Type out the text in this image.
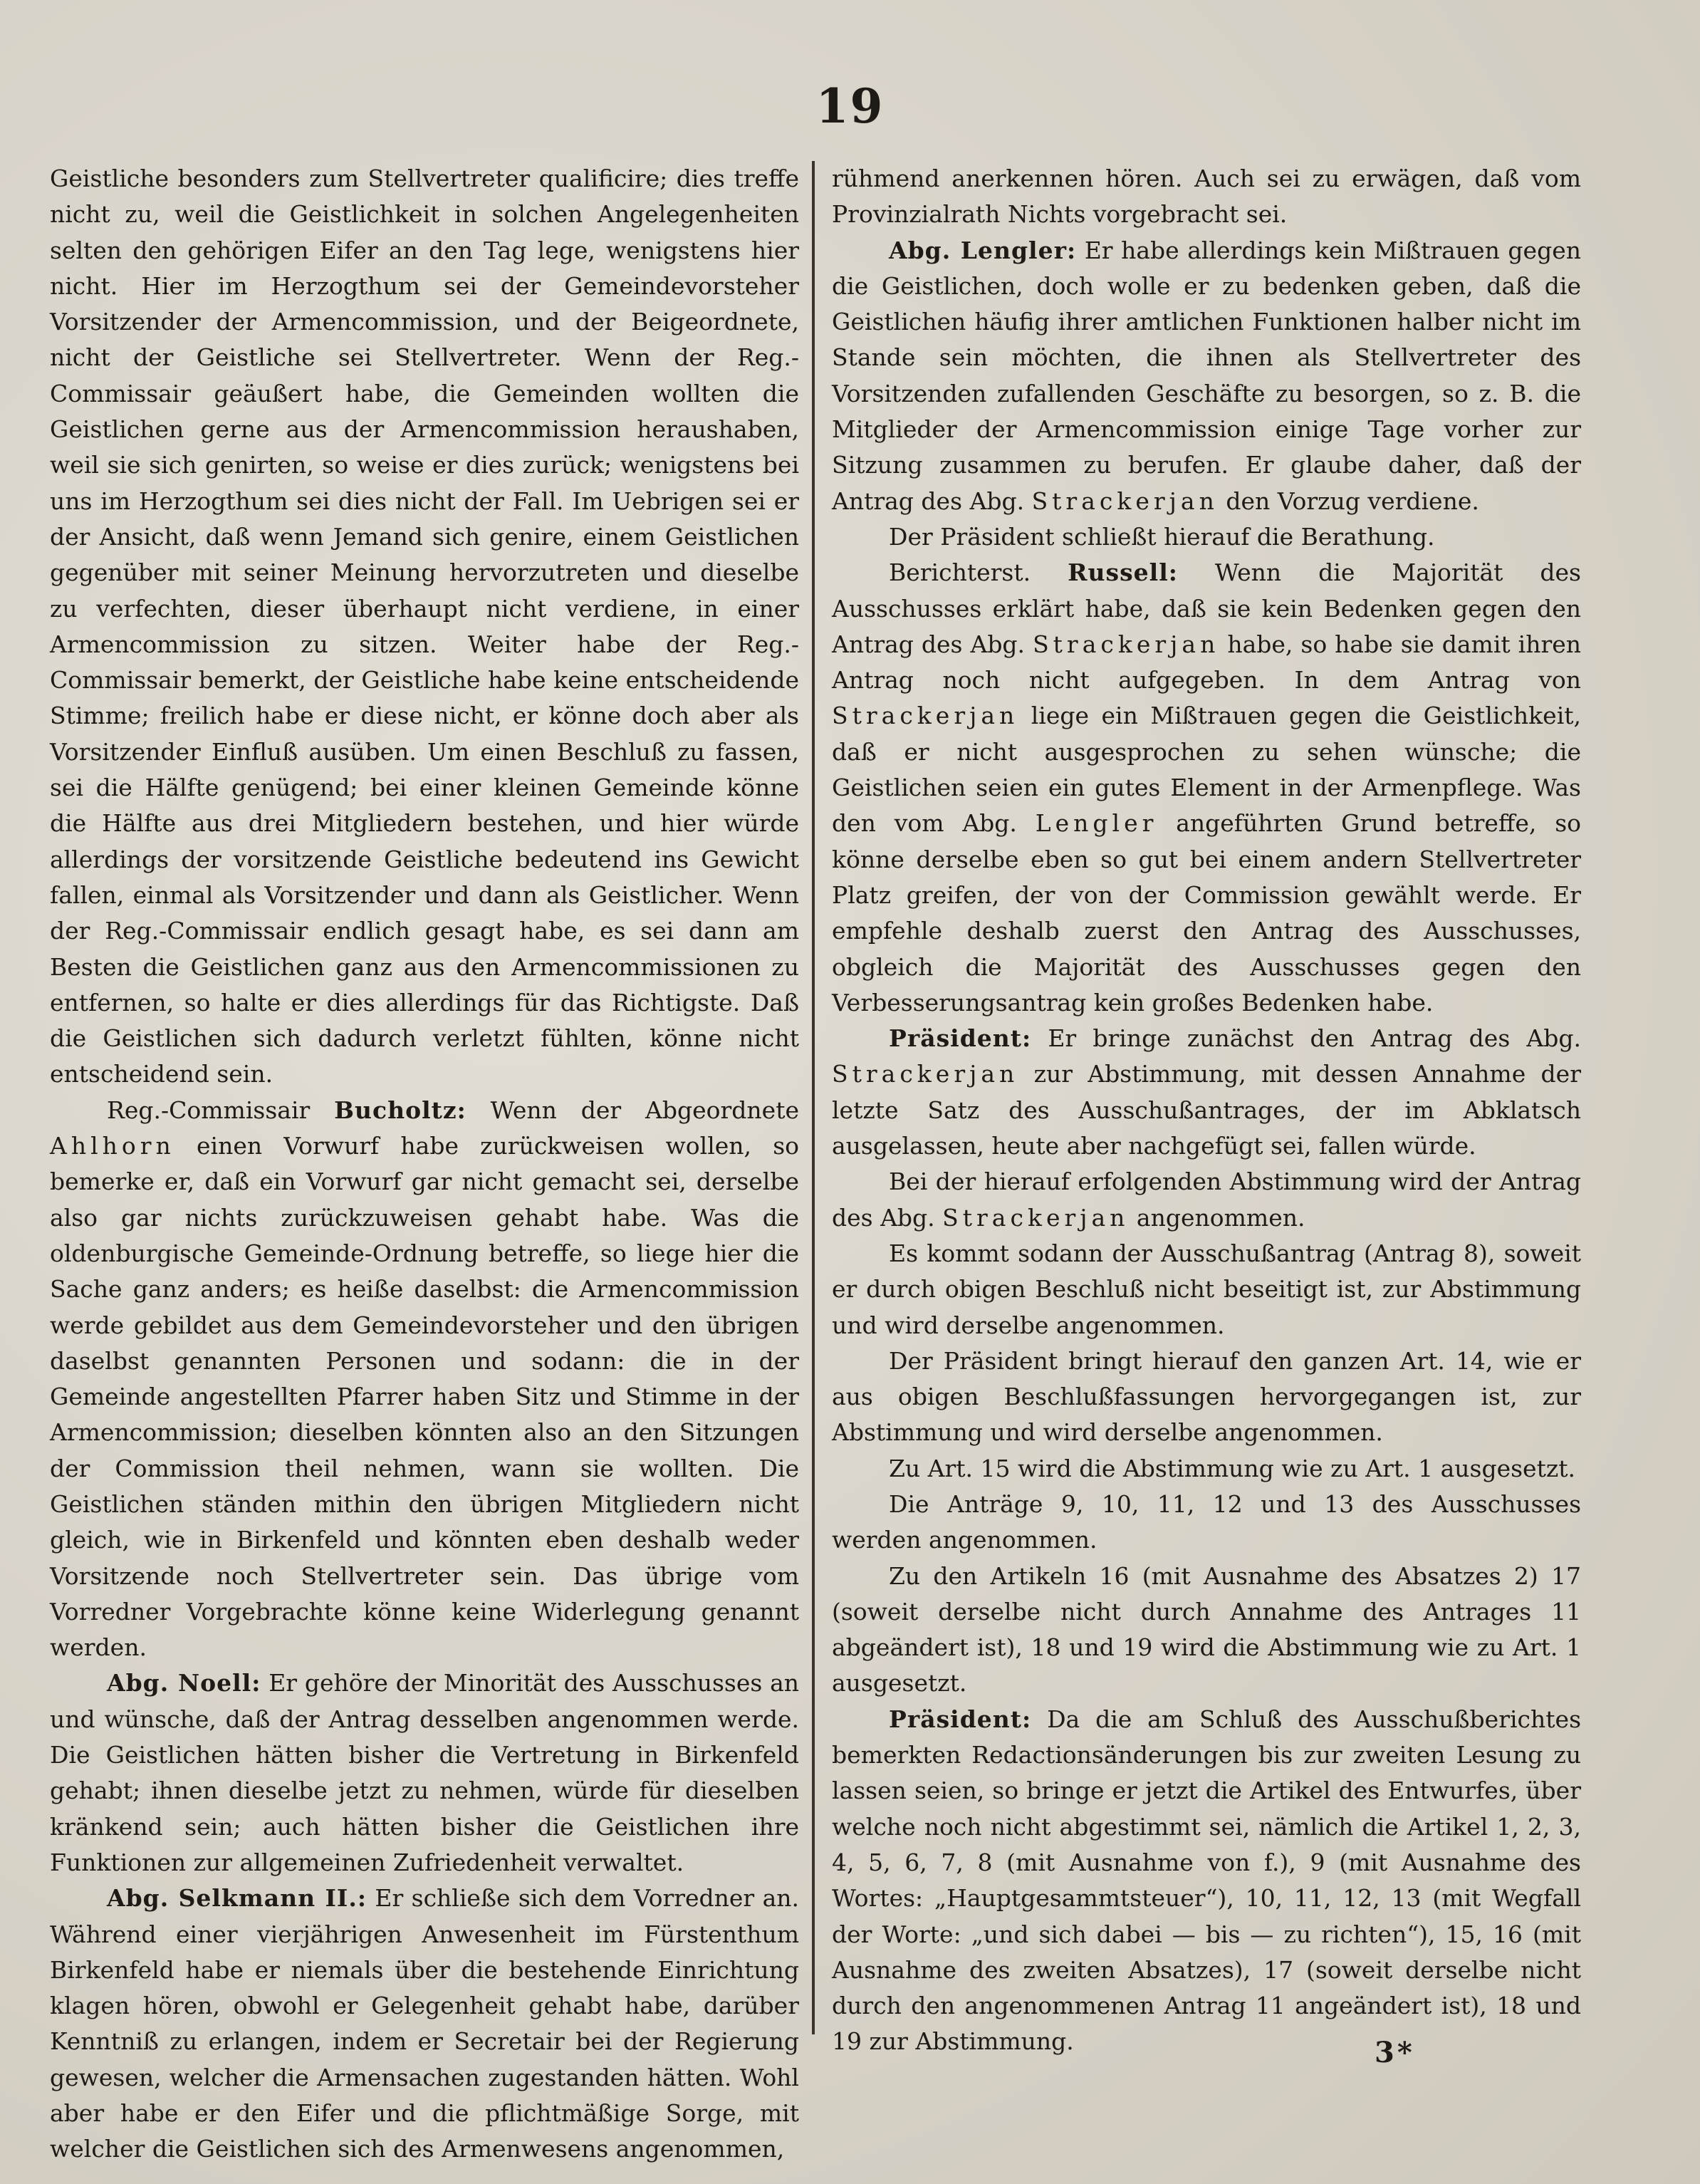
19

Geistliche besonders zum Stellvertreter qualificire; dies treffe nicht zu, weil die Geistlichkeit in solchen Angelegenheiten selten den gehörigen Eifer an den Tag lege, wenigstens hier nicht. Hier im Herzogthum sei der Gemeindevorsteher Vorsitzender der Armencommission, und der Beigeordnete, nicht der Geistliche sei Stellvertreter. Wenn der Reg.-Commissair geäußert habe, die Gemeinden wollten die Geistlichen gerne aus der Armencommission heraushaben, weil sie sich genirten, so weise er dies zurück; wenigstens bei uns im Herzogthum sei dies nicht der Fall. Im Uebrigen sei er der Ansicht, daß wenn Jemand sich genire, einem Geistlichen gegenüber mit seiner Meinung hervorzutreten und dieselbe zu verfechten, dieser überhaupt nicht verdiene, in einer Armencommission zu sitzen. Weiter habe der Reg.-Commissair bemerkt, der Geistliche habe keine entscheidende Stimme; freilich habe er diese nicht, er könne doch aber als Vorsitzender Einfluß ausüben. Um einen Beschluß zu fassen, sei die Hälfte genügend; bei einer kleinen Gemeinde könne die Hälfte aus drei Mitgliedern bestehen, und hier würde allerdings der vorsitzende Geistliche bedeutend ins Gewicht fallen, einmal als Vorsitzender und dann als Geistlicher. Wenn der Reg.-Commissair endlich gesagt habe, es sei dann am Besten die Geistlichen ganz aus den Armencommissionen zu entfernen, so halte er dies allerdings für das Richtigste. Daß die Geistlichen sich dadurch verletzt fühlten, könne nicht entscheidend sein.

Reg.-Commissair Bucholtz: Wenn der Abgeordnete Ahlhorn einen Vorwurf habe zurückweisen wollen, so bemerke er, daß ein Vorwurf gar nicht gemacht sei, derselbe also gar nichts zurückzuweisen gehabt habe. Was die oldenburgische Gemeinde-Ordnung betreffe, so liege hier die Sache ganz anders; es heiße daselbst: die Armencommission werde gebildet aus dem Gemeindevorsteher und den übrigen daselbst genannten Personen und sodann: die in der Gemeinde angestellten Pfarrer haben Sitz und Stimme in der Armencommission; dieselben könnten also an den Sitzungen der Commission theil nehmen, wann sie wollten. Die Geistlichen ständen mithin den übrigen Mitgliedern nicht gleich, wie in Birkenfeld und könnten eben deshalb weder Vorsitzende noch Stellvertreter sein. Das übrige vom Vorredner Vorgebrachte könne keine Widerlegung genannt werden.

Abg. Noell: Er gehöre der Minorität des Ausschusses an und wünsche, daß der Antrag desselben angenommen werde. Die Geistlichen hätten bisher die Vertretung in Birkenfeld gehabt; ihnen dieselbe jetzt zu nehmen, würde für dieselben kränkend sein; auch hätten bisher die Geistlichen ihre Funktionen zur allgemeinen Zufriedenheit verwaltet.

Abg. Selkmann II.: Er schließe sich dem Vorredner an. Während einer vierjährigen Anwesenheit im Fürstenthum Birkenfeld habe er niemals über die bestehende Einrichtung klagen hören, obwohl er Gelegenheit gehabt habe, darüber Kenntniß zu erlangen, indem er Secretair bei der Regierung gewesen, welcher die Armensachen zugestanden hätten. Wohl aber habe er den Eifer und die pflichtmäßige Sorge, mit welcher die Geistlichen sich des Armenwesens angenommen,

rühmend anerkennen hören. Auch sei zu erwägen, daß vom Provinzialrath Nichts vorgebracht sei.

Abg. Lengler: Er habe allerdings kein Mißtrauen gegen die Geistlichen, doch wolle er zu bedenken geben, daß die Geistlichen häufig ihrer amtlichen Funktionen halber nicht im Stande sein möchten, die ihnen als Stellvertreter des Vorsitzenden zufallenden Geschäfte zu besorgen, so z. B. die Mitglieder der Armencommission einige Tage vorher zur Sitzung zusammen zu berufen. Er glaube daher, daß der Antrag des Abg. Strackerjan den Vorzug verdiene.

Der Präsident schließt hierauf die Berathung.

Berichterst. Russell: Wenn die Majorität des Ausschusses erklärt habe, daß sie kein Bedenken gegen den Antrag des Abg. Strackerjan habe, so habe sie damit ihren Antrag noch nicht aufgegeben. In dem Antrag von Strackerjan liege ein Mißtrauen gegen die Geistlichkeit, daß er nicht ausgesprochen zu sehen wünsche; die Geistlichen seien ein gutes Element in der Armenpflege. Was den vom Abg. Lengler angeführten Grund betreffe, so könne derselbe eben so gut bei einem andern Stellvertreter Platz greifen, der von der Commission gewählt werde. Er empfehle deshalb zuerst den Antrag des Ausschusses, obgleich die Majorität des Ausschusses gegen den Verbesserungsantrag kein großes Bedenken habe.

Präsident: Er bringe zunächst den Antrag des Abg. Strackerjan zur Abstimmung, mit dessen Annahme der letzte Satz des Ausschußantrages, der im Abklatsch ausgelassen, heute aber nachgefügt sei, fallen würde.

Bei der hierauf erfolgenden Abstimmung wird der Antrag des Abg. Strackerjan angenommen.

Es kommt sodann der Ausschußantrag (Antrag 8), soweit er durch obigen Beschluß nicht beseitigt ist, zur Abstimmung und wird derselbe angenommen.

Der Präsident bringt hierauf den ganzen Art. 14, wie er aus obigen Beschlußfassungen hervorgegangen ist, zur Abstimmung und wird derselbe angenommen.

Zu Art. 15 wird die Abstimmung wie zu Art. 1 ausgesetzt.

Die Anträge 9, 10, 11, 12 und 13 des Ausschusses werden angenommen.

Zu den Artikeln 16 (mit Ausnahme des Absatzes 2) 17 (soweit derselbe nicht durch Annahme des Antrages 11 abgeändert ist), 18 und 19 wird die Abstimmung wie zu Art. 1 ausgesetzt.

Präsident: Da die am Schluß des Ausschußberichtes bemerkten Redactionsänderungen bis zur zweiten Lesung zu lassen seien, so bringe er jetzt die Artikel des Entwurfes, über welche noch nicht abgestimmt sei, nämlich die Artikel 1, 2, 3, 4, 5, 6, 7, 8 (mit Ausnahme von f.), 9 (mit Ausnahme des Wortes: „Hauptgesammtsteuer“), 10, 11, 12, 13 (mit Wegfall der Worte: „und sich dabei — bis — zu richten“), 15, 16 (mit Ausnahme des zweiten Absatzes), 17 (soweit derselbe nicht durch den angenommenen Antrag 11 angeändert ist), 18 und 19 zur Abstimmung.	3*
